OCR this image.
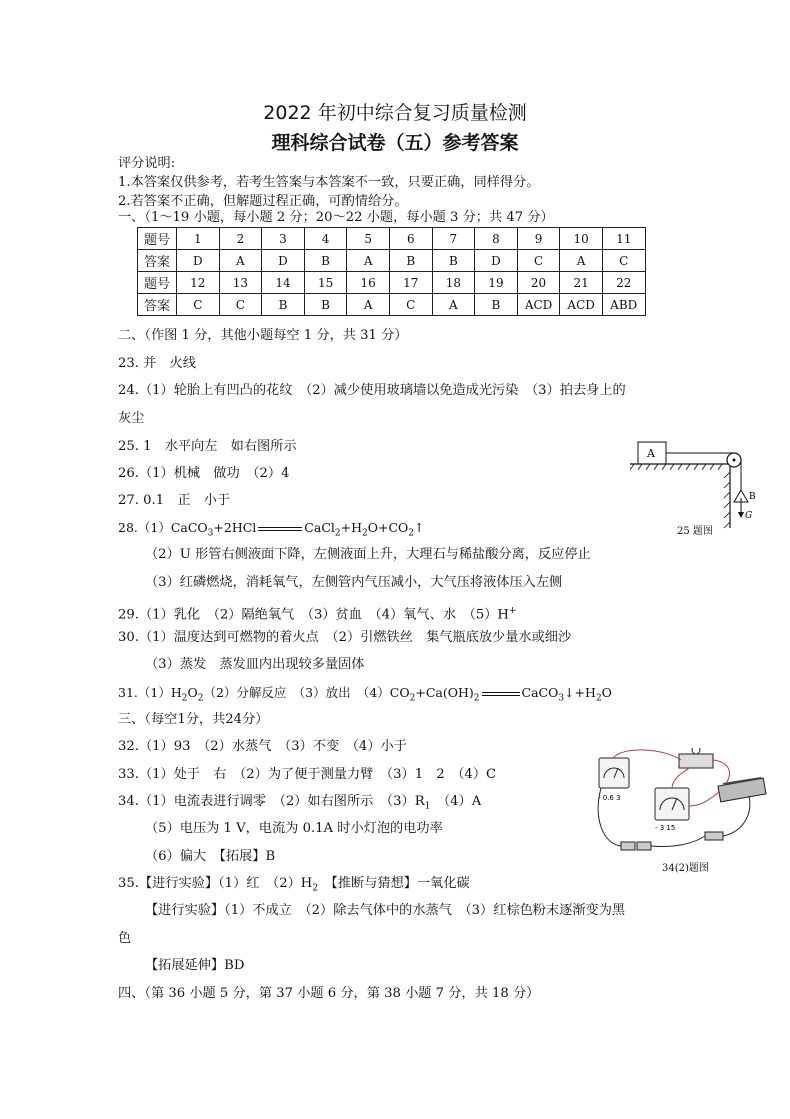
2022 年初中综合复习质量检测
理科综合试卷（五）参考答案
评分说明:
1.本答案仅供参考，若考生答案与本答案不一致，只要正确，同样得分。
2.若答案不正确，但解题过程正确，可酌情给分。
一、（1～19 小题，每小题 2 分；20～22 小题，每小题 3 分；共 47 分）
题号	1	2	3	4	5	6	7	8	9	10	11
答案	D	A	D	B	A	B	B	D	C	A	C
题号	12	13	14	15	16	17	18	19	20	21	22
答案	C	C	B	B	A	C	A	B	ACD	ACD	ABD
二、（作图 1 分，其他小题每空 1 分，共 31 分）
23. 并　火线
24.（1）轮胎上有凹凸的花纹　（2）减少使用玻璃墙以免造成光污染　（3）拍去身上的
灰尘
25. 1　水平向左　如右图所示
26.（1）机械　做功　（2）4
27. 0.1　正　小于
28.（1）CaCO$_3$+2HCl	$CaCl_2+H_2O+CO_2↑$
（2）U 形管右侧液面下降，左侧液面上升，大理石与稀盐酸分离，反应停止
（3）红磷燃烧，消耗氧气，左侧管内气压减小，大气压将液体压入左侧
29.（1）乳化　（2）隔绝氧气　（3）贫血　（4）氧气、水　（5）H+
30.（1）温度达到可燃物的着火点　（2）引燃铁丝　集气瓶底放少量水或细沙
（3）蒸发　蒸发皿内出现较多量固体
$31.(1)H_2O_2(2)$分解反应　（3）放出　$(4)CO_2+Ca(OH)_2$	$CaCO_3↓+H_2O$
三、（每空1分，共24分）
32.（1）93　（2）水蒸气　（3）不变　（4）小于
33.（1）处于　右　（2）为了便于测量力臂　（3）1　2　（4）C
34.（1）电流表进行调零　（2）如右图所示　$(3)R_1$　（4）A
（5）电压为 1 V，电流为 0.1A 时小灯泡的电功率
（6）偏大　【拓展】B
35.【进行实验】（1）红　$(2)H_2$　【推断与猜想】一氧化碳
【进行实验】（1）不成立　（2）除去气体中的水蒸气　（3）红棕色粉末逐渐变为黑
色
【拓展延伸】BD
四、（第 36 小题 5 分，第 37 小题 6 分，第 38 小题 7 分，共 18 分）
A
B
G
25 题图
- 0.6 3
- 3 15
34(2)题图
